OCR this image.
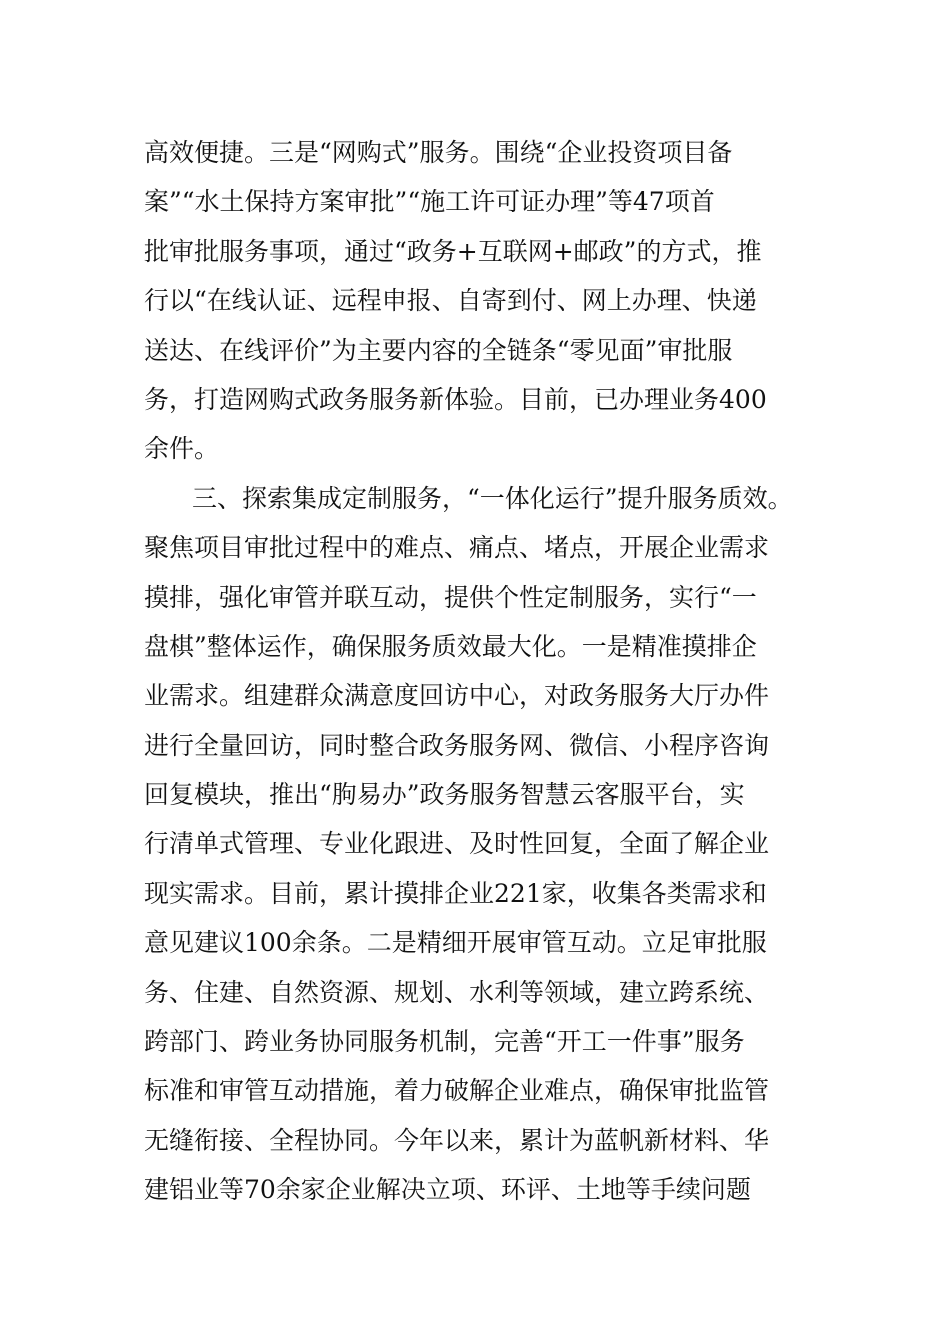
高效便捷。三是“网购式”服务。围绕“企业投资项目备
案”“水土保持方案审批”“施工许可证办理”等47项首
批审批服务事项，通过“政务+互联网+邮政”的方式，推
行以“在线认证、远程申报、自寄到付、网上办理、快递
送达、在线评价”为主要内容的全链条“零见面”审批服
务，打造网购式政务服务新体验。目前，已办理业务400
余件。
三、探索集成定制服务，“一体化运行”提升服务质效。
聚焦项目审批过程中的难点、痛点、堵点，开展企业需求
摸排，强化审管并联互动，提供个性定制服务，实行“一
盘棋”整体运作，确保服务质效最大化。一是精准摸排企
业需求。组建群众满意度回访中心，对政务服务大厅办件
进行全量回访，同时整合政务服务网、微信、小程序咨询
回复模块，推出“朐易办”政务服务智慧云客服平台，实
行清单式管理、专业化跟进、及时性回复，全面了解企业
现实需求。目前，累计摸排企业221家，收集各类需求和
意见建议100余条。二是精细开展审管互动。立足审批服
务、住建、自然资源、规划、水利等领域，建立跨系统、
跨部门、跨业务协同服务机制，完善“开工一件事”服务
标准和审管互动措施，着力破解企业难点，确保审批监管
无缝衔接、全程协同。今年以来，累计为蓝帆新材料、华
建铝业等70余家企业解决立项、环评、土地等手续问题
